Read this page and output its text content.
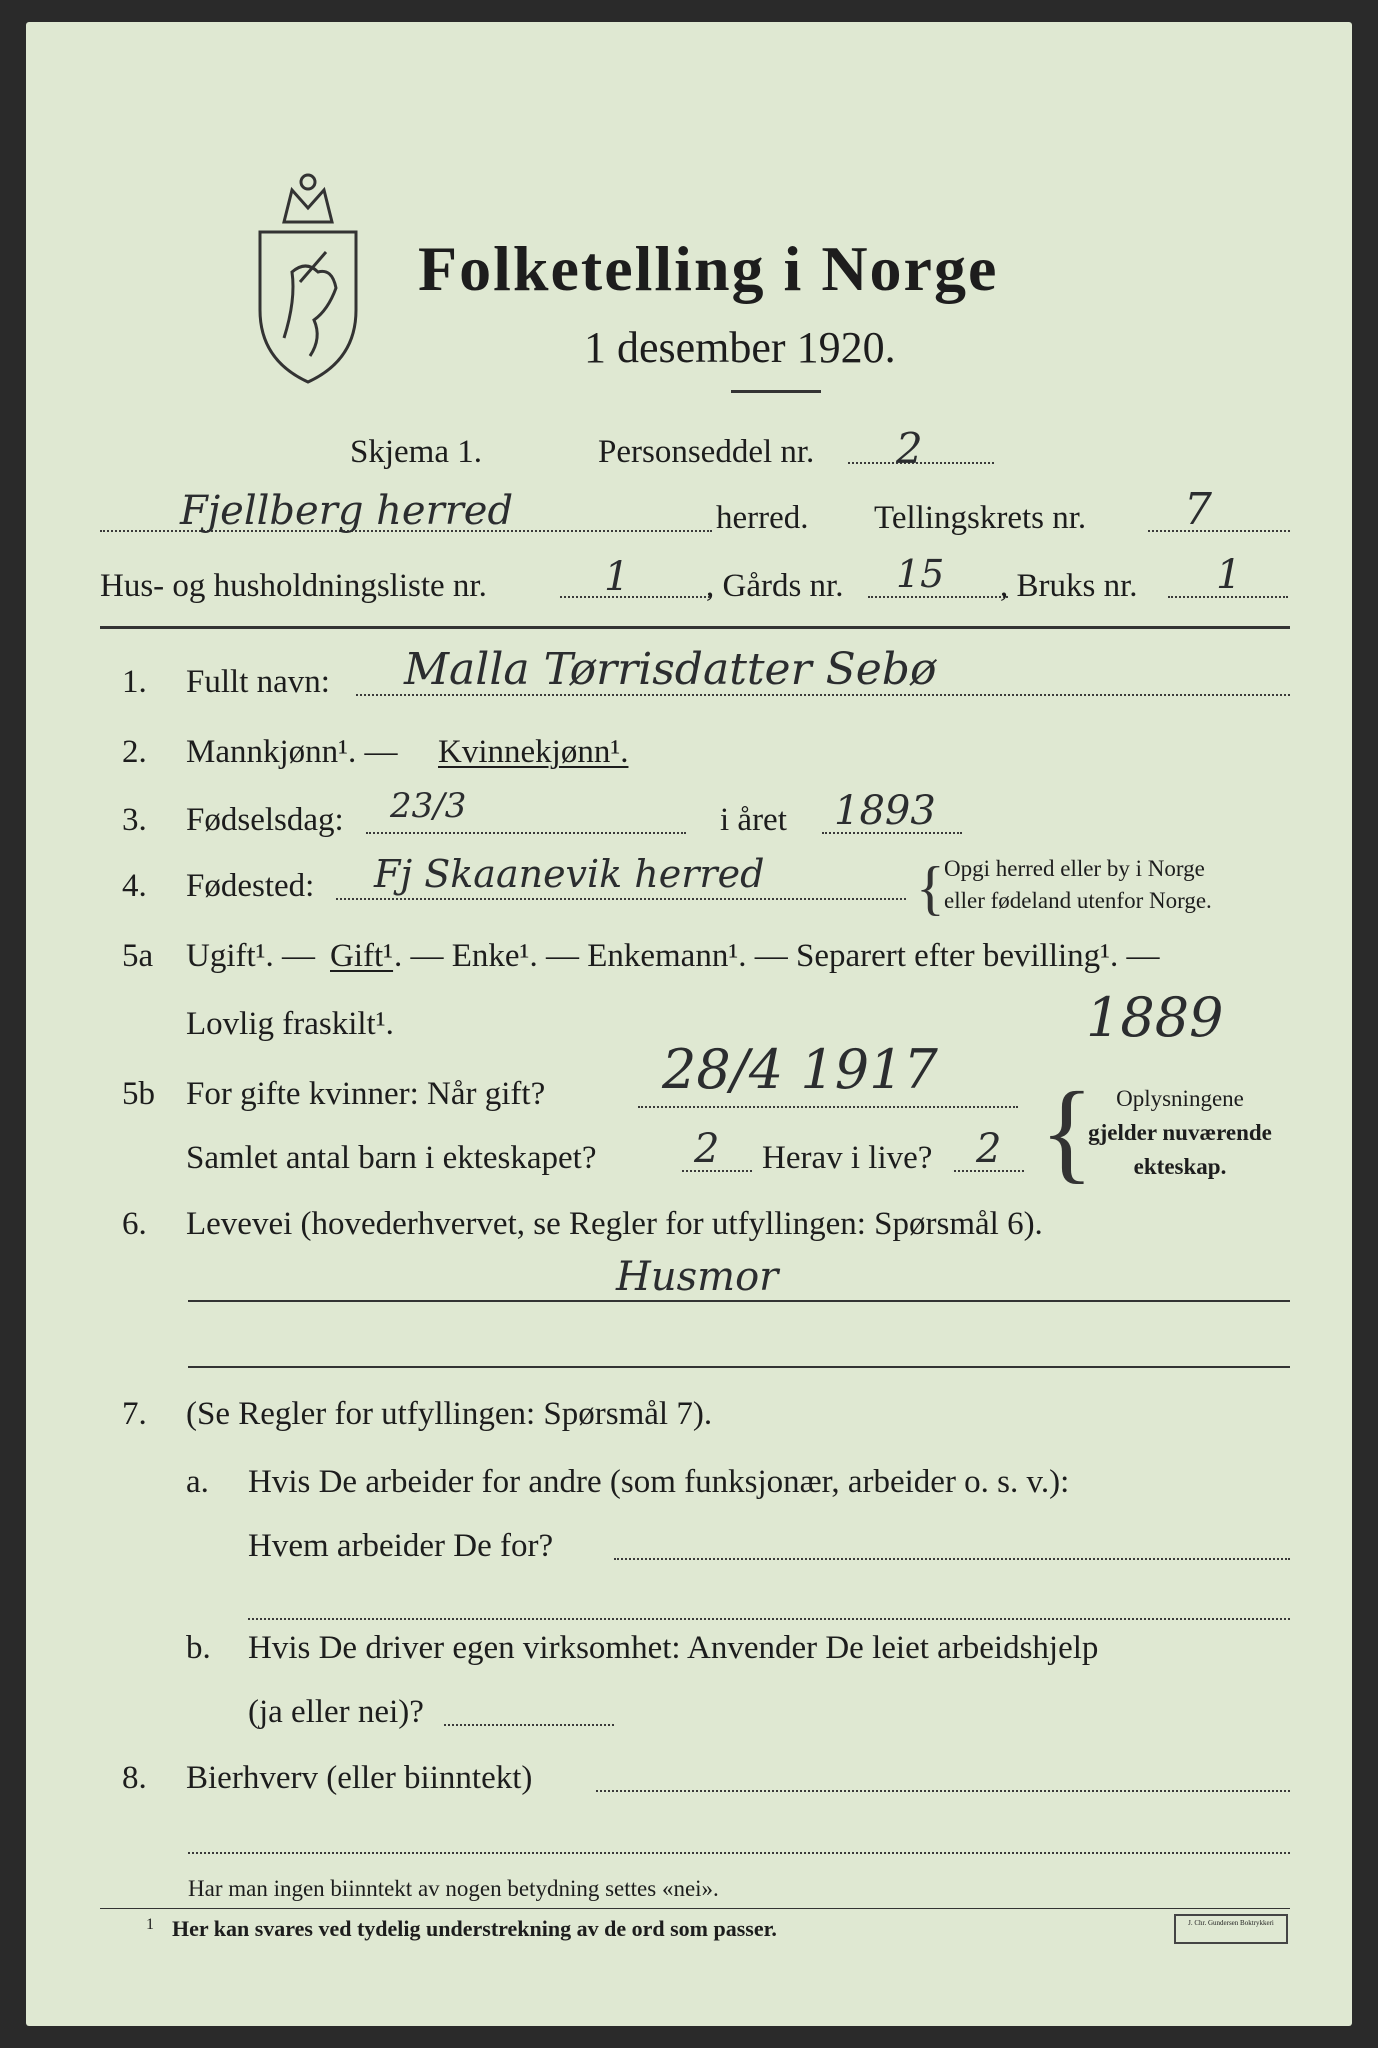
Folketelling i Norge
1 desember 1920.
Skjema 1.	Personseddel nr. 2
Fjellberg herred	herred. Tellingskrets nr. 7
Hus- og husholdningsliste nr.	1 , Gårds nr. 15 , Bruks nr. 1
1. Fullt navn: Malla Tørrisdatter Sebø
2. Mannkjønn¹. — Kvinnekjønn¹.
3. Fødselsdag: 23/3	i året 1893
4. Fødested: Fj Skaanevik herred	{ Opgi herred eller by i Norge
eller fødeland utenfor Norge.
5a Ugift¹. — Gift¹ . — Enke¹. — Enkemann¹. — Separert efter bevilling¹. —
Lovlig fraskilt¹.	1889
5b For gifte kvinner: Når gift? 28/4 1917
Samlet antal barn i ekteskapet? 2 Herav i live? 2 { Oplysningene
gjelder nuværende
ekteskap.
6. Levevei (hovederhvervet, se Regler for utfyllingen: Spørsmål 6).
Husmor
7. (Se Regler for utfyllingen: Spørsmål 7).
a. Hvis De arbeider for andre (som funksjonær, arbeider o. s. v.):
Hvem arbeider De for?
b. Hvis De driver egen virksomhet: Anvender De leiet arbeidshjelp
(ja eller nei)?
8. Bierhverv (eller biinntekt)
Har man ingen biinntekt av nogen betydning settes «nei».
1 Her kan svares ved tydelig understrekning av de ord som passer.	J. Chr. Gundersen Boktrykkeri
